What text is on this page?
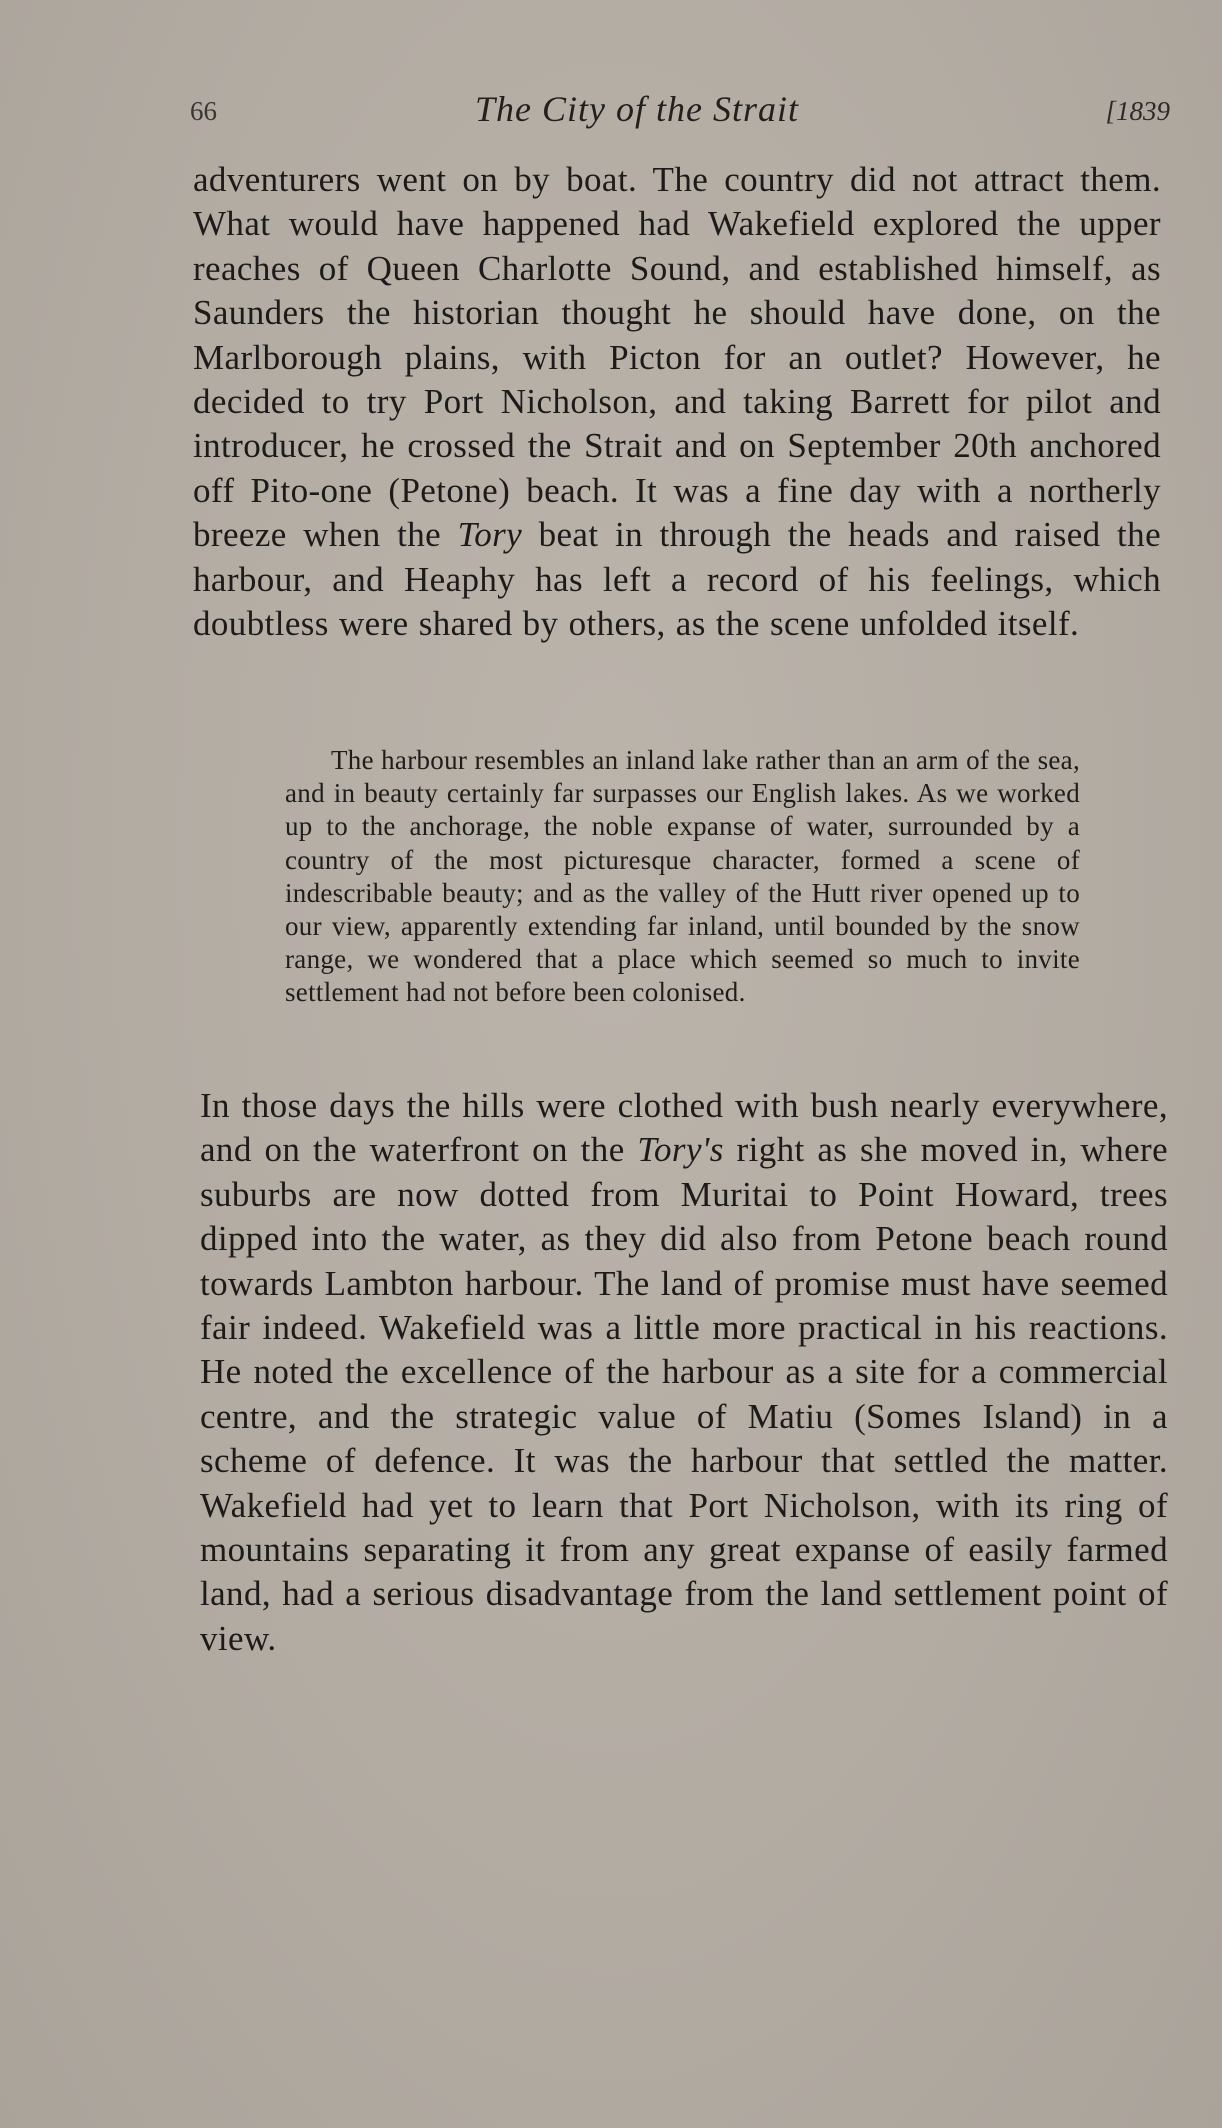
66	The City of the Strait	[1839

adventurers went on by boat. The country did not attract them. What would have happened had Wakefield explored the upper reaches of Queen Charlotte Sound, and established himself, as Saunders the historian thought he should have done, on the Marlborough plains, with Picton for an outlet? However, he decided to try Port Nicholson, and taking Barrett for pilot and introducer, he crossed the Strait and on September 20th anchored off Pito-one (Petone) beach. It was a fine day with a northerly breeze when the Tory beat in through the heads and raised the harbour, and Heaphy has left a record of his feelings, which doubtless were shared by others, as the scene unfolded itself.

The harbour resembles an inland lake rather than an arm of the sea, and in beauty certainly far surpasses our English lakes. As we worked up to the anchorage, the noble expanse of water, surrounded by a country of the most picturesque character, formed a scene of indescribable beauty; and as the valley of the Hutt river opened up to our view, apparently extending far inland, until bounded by the snow range, we wondered that a place which seemed so much to invite settlement had not before been colonised.

In those days the hills were clothed with bush nearly everywhere, and on the waterfront on the Tory's right as she moved in, where suburbs are now dotted from Muritai to Point Howard, trees dipped into the water, as they did also from Petone beach round towards Lambton harbour. The land of promise must have seemed fair indeed. Wakefield was a little more practical in his reactions. He noted the excellence of the harbour as a site for a commercial centre, and the strategic value of Matiu (Somes Island) in a scheme of defence. It was the harbour that settled the matter. Wakefield had yet to learn that Port Nicholson, with its ring of mountains separating it from any great expanse of easily farmed land, had a serious disadvantage from the land settlement point of view.
